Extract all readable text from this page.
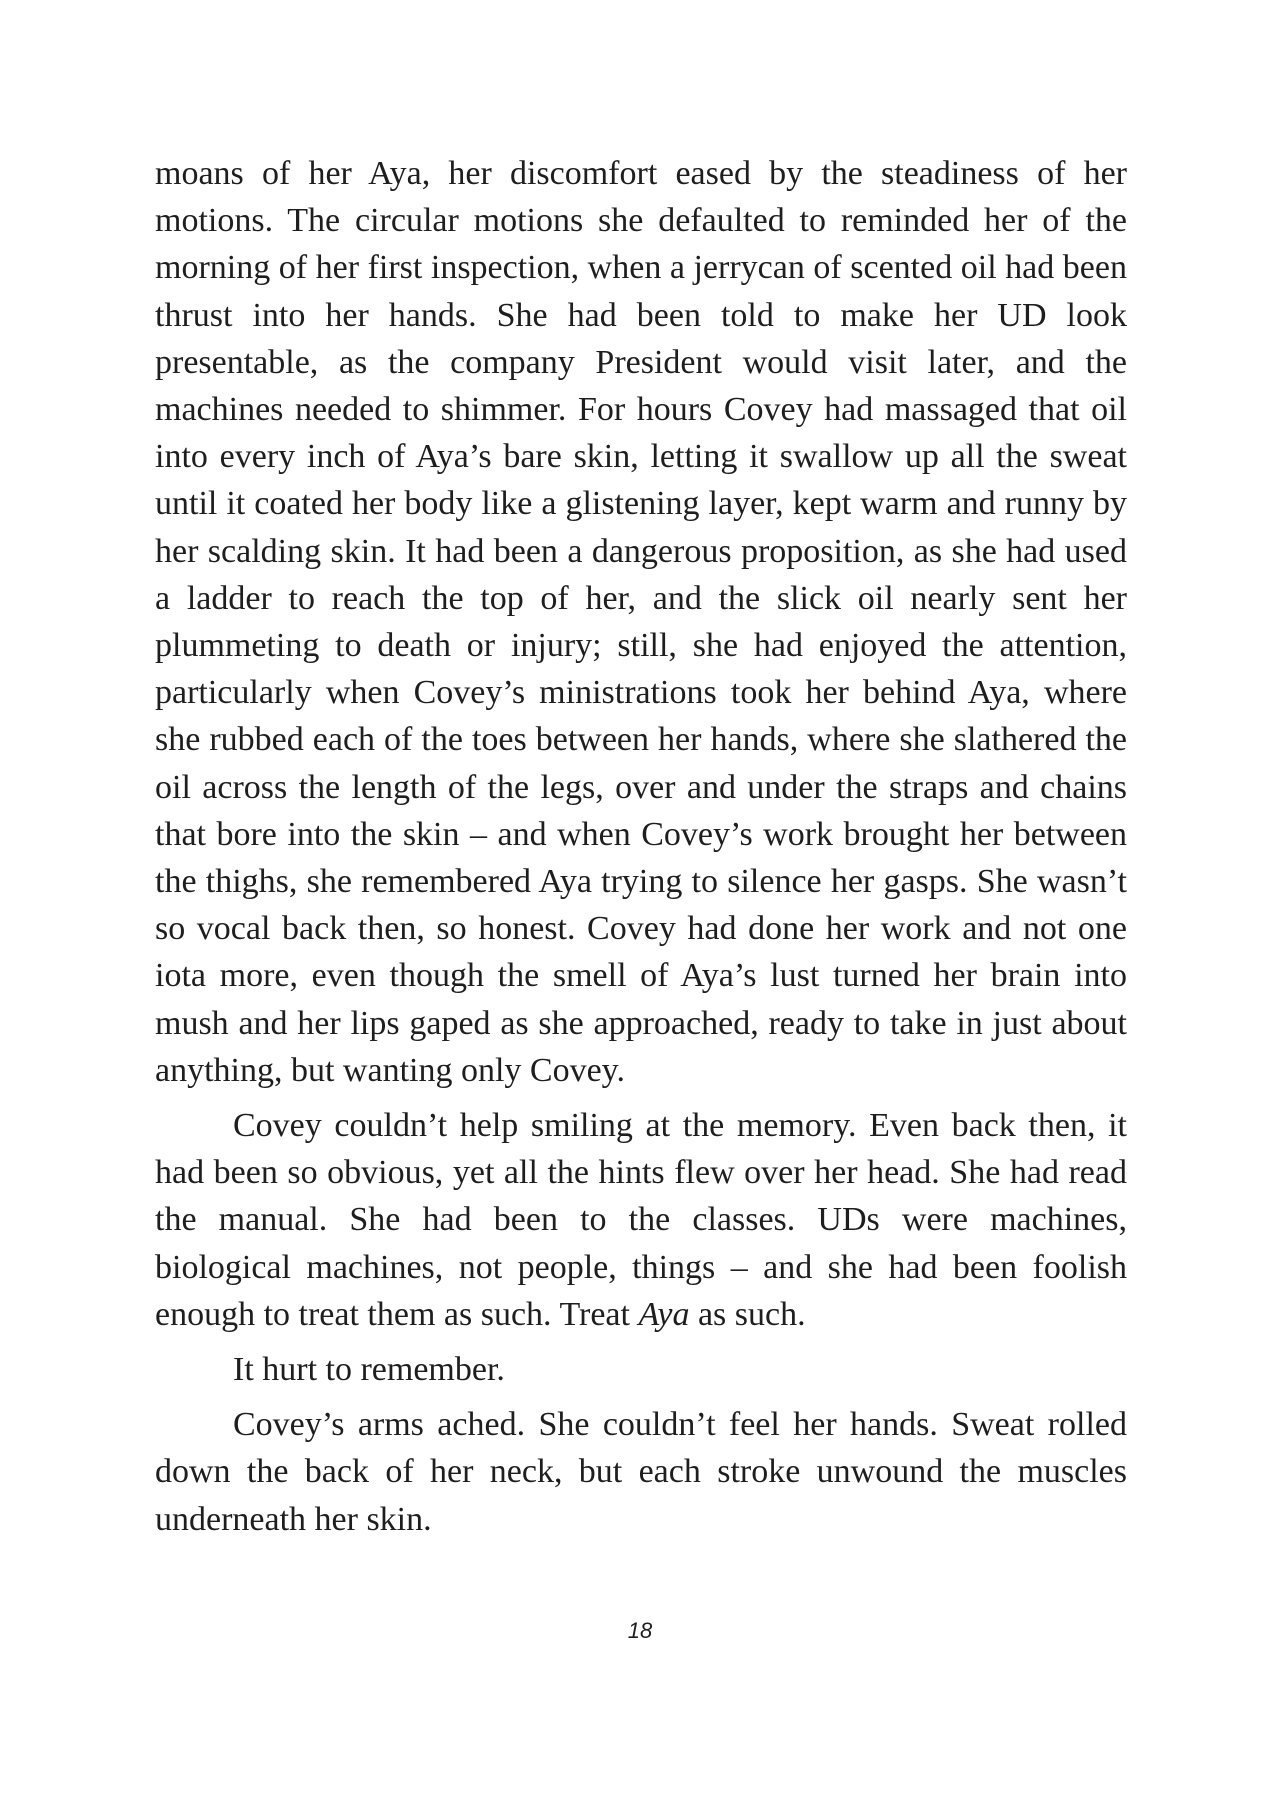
moans of her Aya, her discomfort eased by the steadiness of her motions. The circular motions she defaulted to reminded her of the morning of her first inspection, when a jerrycan of scented oil had been thrust into her hands. She had been told to make her UD look presentable, as the company President would visit later, and the machines needed to shimmer. For hours Covey had massaged that oil into every inch of Aya’s bare skin, letting it swallow up all the sweat until it coated her body like a glistening layer, kept warm and runny by her scalding skin. It had been a dangerous proposition, as she had used a ladder to reach the top of her, and the slick oil nearly sent her plummeting to death or injury; still, she had enjoyed the attention, particularly when Covey’s ministrations took her behind Aya, where she rubbed each of the toes between her hands, where she slathered the oil across the length of the legs, over and under the straps and chains that bore into the skin – and when Covey’s work brought her between the thighs, she remembered Aya trying to silence her gasps. She wasn’t so vocal back then, so honest. Covey had done her work and not one iota more, even though the smell of Aya’s lust turned her brain into mush and her lips gaped as she approached, ready to take in just about anything, but wanting only Covey.

Covey couldn’t help smiling at the memory. Even back then, it had been so obvious, yet all the hints flew over her head. She had read the manual. She had been to the classes. UDs were machines, biological machines, not people, things – and she had been foolish enough to treat them as such. Treat Aya as such.

It hurt to remember.

Covey’s arms ached. She couldn’t feel her hands. Sweat rolled down the back of her neck, but each stroke unwound the muscles underneath her skin.

18
